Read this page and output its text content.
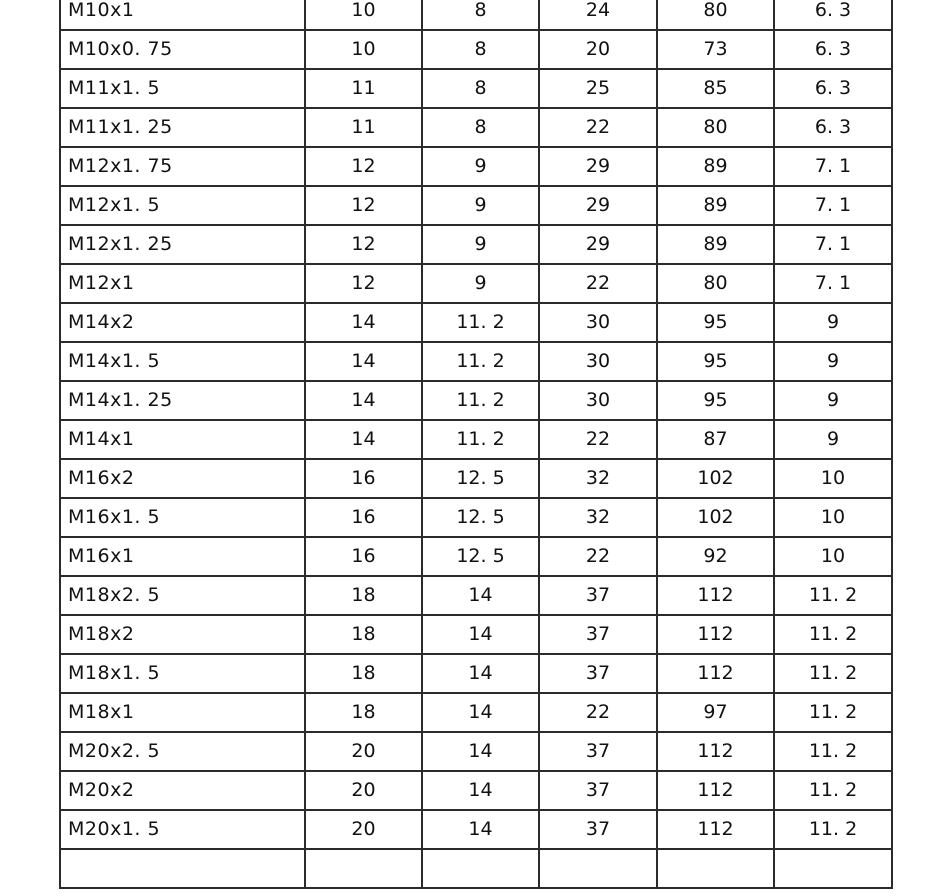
M10x1	10	8	24	80	6. 3
M10x0. 75	10	8	20	73	6. 3
M11x1. 5	11	8	25	85	6. 3
M11x1. 25	11	8	22	80	6. 3
M12x1. 75	12	9	29	89	7. 1
M12x1. 5	12	9	29	89	7. 1
M12x1. 25	12	9	29	89	7. 1
M12x1	12	9	22	80	7. 1
M14x2	14	11. 2	30	95	9
M14x1. 5	14	11. 2	30	95	9
M14x1. 25	14	11. 2	30	95	9
M14x1	14	11. 2	22	87	9
M16x2	16	12. 5	32	102	10
M16x1. 5	16	12. 5	32	102	10
M16x1	16	12. 5	22	92	10
M18x2. 5	18	14	37	112	11. 2
M18x2	18	14	37	112	11. 2
M18x1. 5	18	14	37	112	11. 2
M18x1	18	14	22	97	11. 2
M20x2. 5	20	14	37	112	11. 2
M20x2	20	14	37	112	11. 2
M20x1. 5	20	14	37	112	11. 2
